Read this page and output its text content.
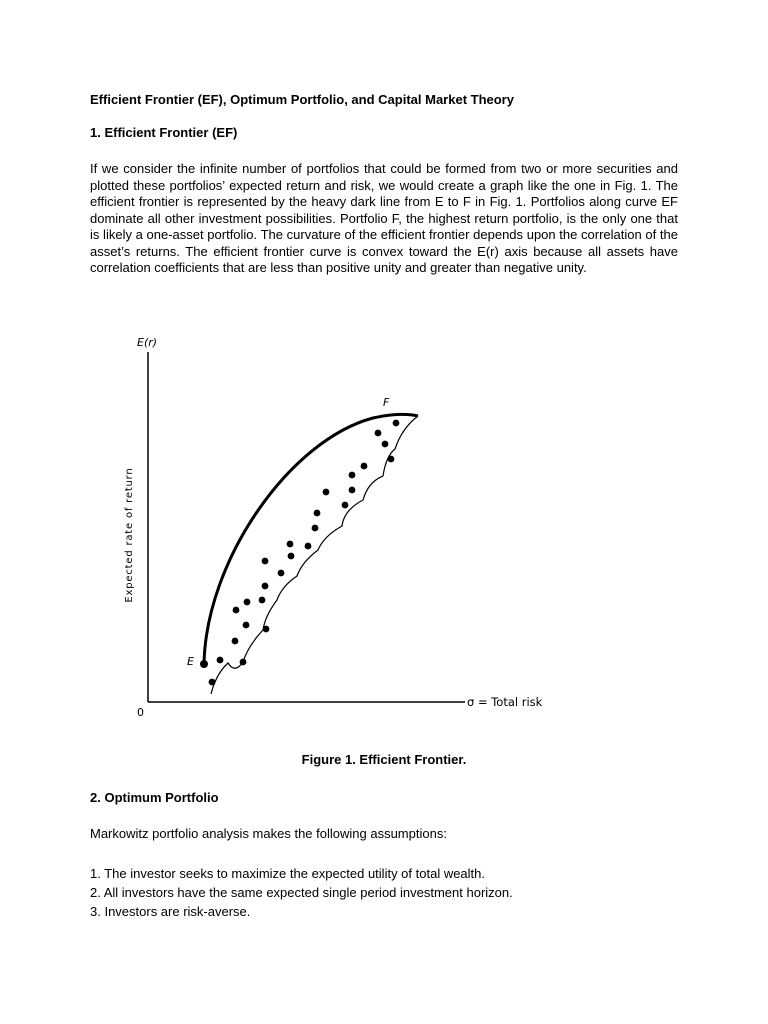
Efficient Frontier (EF), Optimum Portfolio, and Capital Market Theory
1. Efficient Frontier (EF)
If we consider the infinite number of portfolios that could be formed from two or more securities and plotted these portfolios’ expected return and risk, we would create a graph like the one in Fig. 1. The efficient frontier is represented by the heavy dark line from E to F in Fig. 1. Portfolios along curve EF dominate all other investment possibilities. Portfolio F, the highest return portfolio, is the only one that is likely a one-asset portfolio. The curvature of the efficient frontier depends upon the correlation of the asset’s returns. The efficient frontier curve is convex toward the E(r) axis because all assets have correlation coefficients that are less than positive unity and greater than negative unity.
E(r)
Expected rate of return
σ = Total risk
0
E
F
Figure 1. Efficient Frontier.
2. Optimum Portfolio
Markowitz portfolio analysis makes the following assumptions:
1. The investor seeks to maximize the expected utility of total wealth.
2. All investors have the same expected single period investment horizon.
3. Investors are risk-averse.
